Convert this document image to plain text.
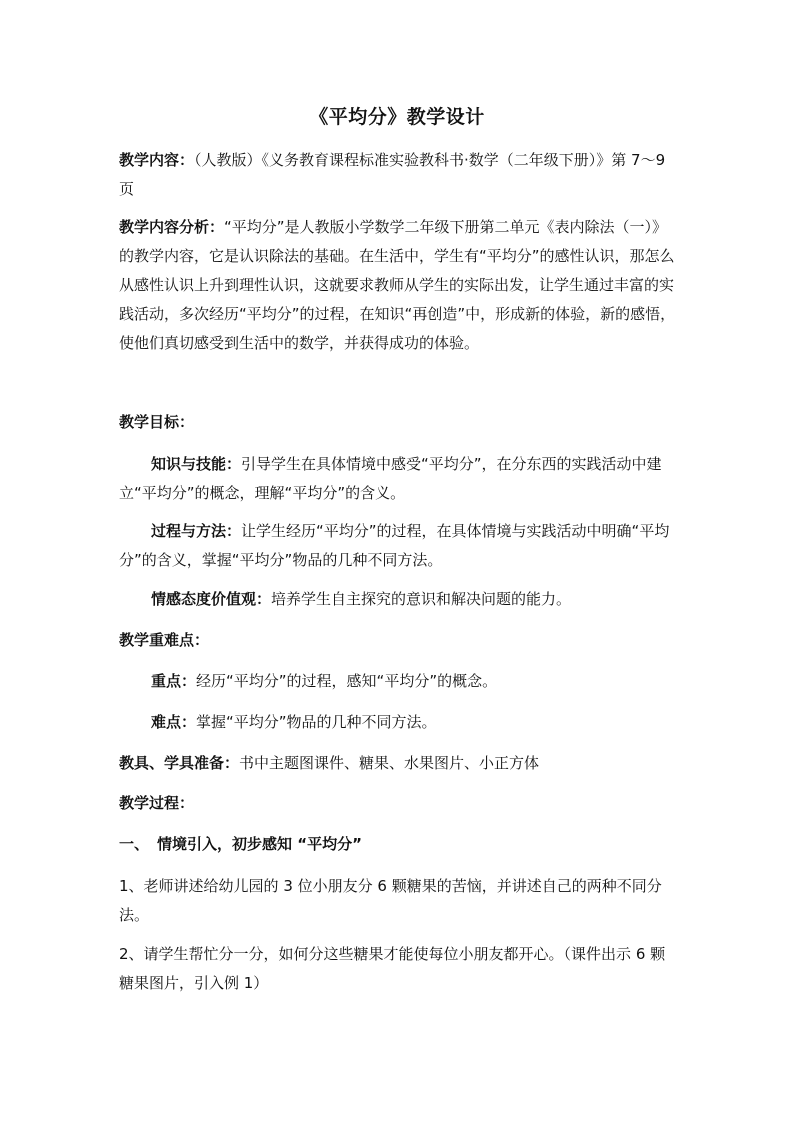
《平均分》教学设计
教学内容：（人教版）《义务教育课程标准实验教科书·数学（二年级下册）》第 7～9 页
教学内容分析：“平均分”是人教版小学数学二年级下册第二单元《表内除法（一）》的教学内容，它是认识除法的基础。在生活中，学生有“平均分”的感性认识，那怎么从感性认识上升到理性认识，这就要求教师从学生的实际出发，让学生通过丰富的实践活动，多次经历“平均分”的过程，在知识“再创造”中，形成新的体验，新的感悟，使他们真切感受到生活中的数学，并获得成功的体验。
教学目标：
知识与技能：引导学生在具体情境中感受“平均分”，在分东西的实践活动中建立“平均分”的概念，理解“平均分”的含义。
过程与方法：让学生经历“平均分”的过程，在具体情境与实践活动中明确“平均分”的含义，掌握“平均分”物品的几种不同方法。
情感态度价值观：培养学生自主探究的意识和解决问题的能力。
教学重难点：
重点：经历“平均分”的过程，感知“平均分”的概念。
难点：掌握“平均分”物品的几种不同方法。
教具、学具准备：书中主题图课件、糖果、水果图片、小正方体
教学过程：
一、 情境引入，初步感知 “平均分”
1、老师讲述给幼儿园的 3 位小朋友分 6 颗糖果的苦恼，并讲述自己的两种不同分法。
2、请学生帮忙分一分，如何分这些糖果才能使每位小朋友都开心。（课件出示 6 颗糖果图片，引入例 1）
